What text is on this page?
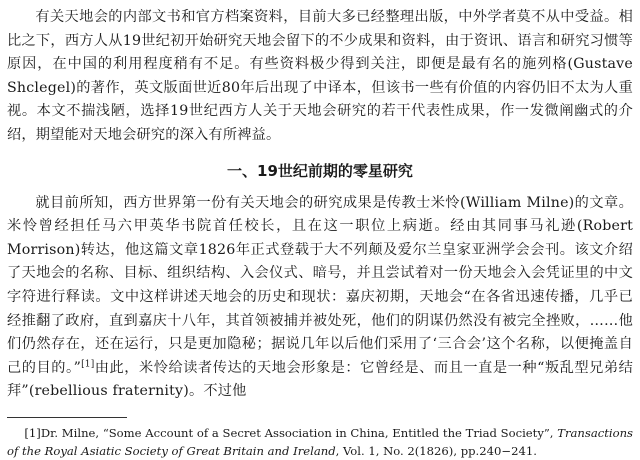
有关天地会的内部文书和官方档案资料，目前大多已经整理出版，中外学者莫不从中受益。相比之下，西方人从19世纪初开始研究天地会留下的不少成果和资料，由于资讯、语言和研究习惯等原因，在中国的利用程度稍有不足。有些资料极少得到关注，即便是最有名的施列格(Gustave Shclegel)的著作，英文版面世近80年后出现了中译本，但该书一些有价值的内容仍旧不太为人重视。本文不揣浅陋，选择19世纪西方人关于天地会研究的若干代表性成果，作一发微阐幽式的介绍，期望能对天地会研究的深入有所裨益。

一、19世纪前期的零星研究

就目前所知，西方世界第一份有关天地会的研究成果是传教士米怜(William Milne)的文章。米怜曾经担任马六甲英华书院首任校长，且在这一职位上病逝。经由其同事马礼逊(Robert Morrison)转达，他这篇文章1826年正式登载于大不列颠及爱尔兰皇家亚洲学会会刊。该文介绍了天地会的名称、目标、组织结构、入会仪式、暗号，并且尝试着对一份天地会入会凭证里的中文字符进行释读。文中这样讲述天地会的历史和现状：嘉庆初期，天地会“在各省迅速传播，几乎已经推翻了政府，直到嘉庆十八年，其首领被捕并被处死，他们的阴谋仍然没有被完全挫败，……他们仍然存在，还在运行，只是更加隐秘；据说几年以后他们采用了‘三合会’这个名称，以便掩盖自己的目的。”[1]由此，米怜给读者传达的天地会形象是：它曾经是、而且一直是一种“叛乱型兄弟结拜”(rebellious fraternity)。不过他

[1]Dr. Milne, “Some Account of a Secret Association in China, Entitled the Triad Society”, Transactions of the Royal Asiatic Society of Great Britain and Ireland, Vol. 1, No. 2(1826), pp.240−241.
